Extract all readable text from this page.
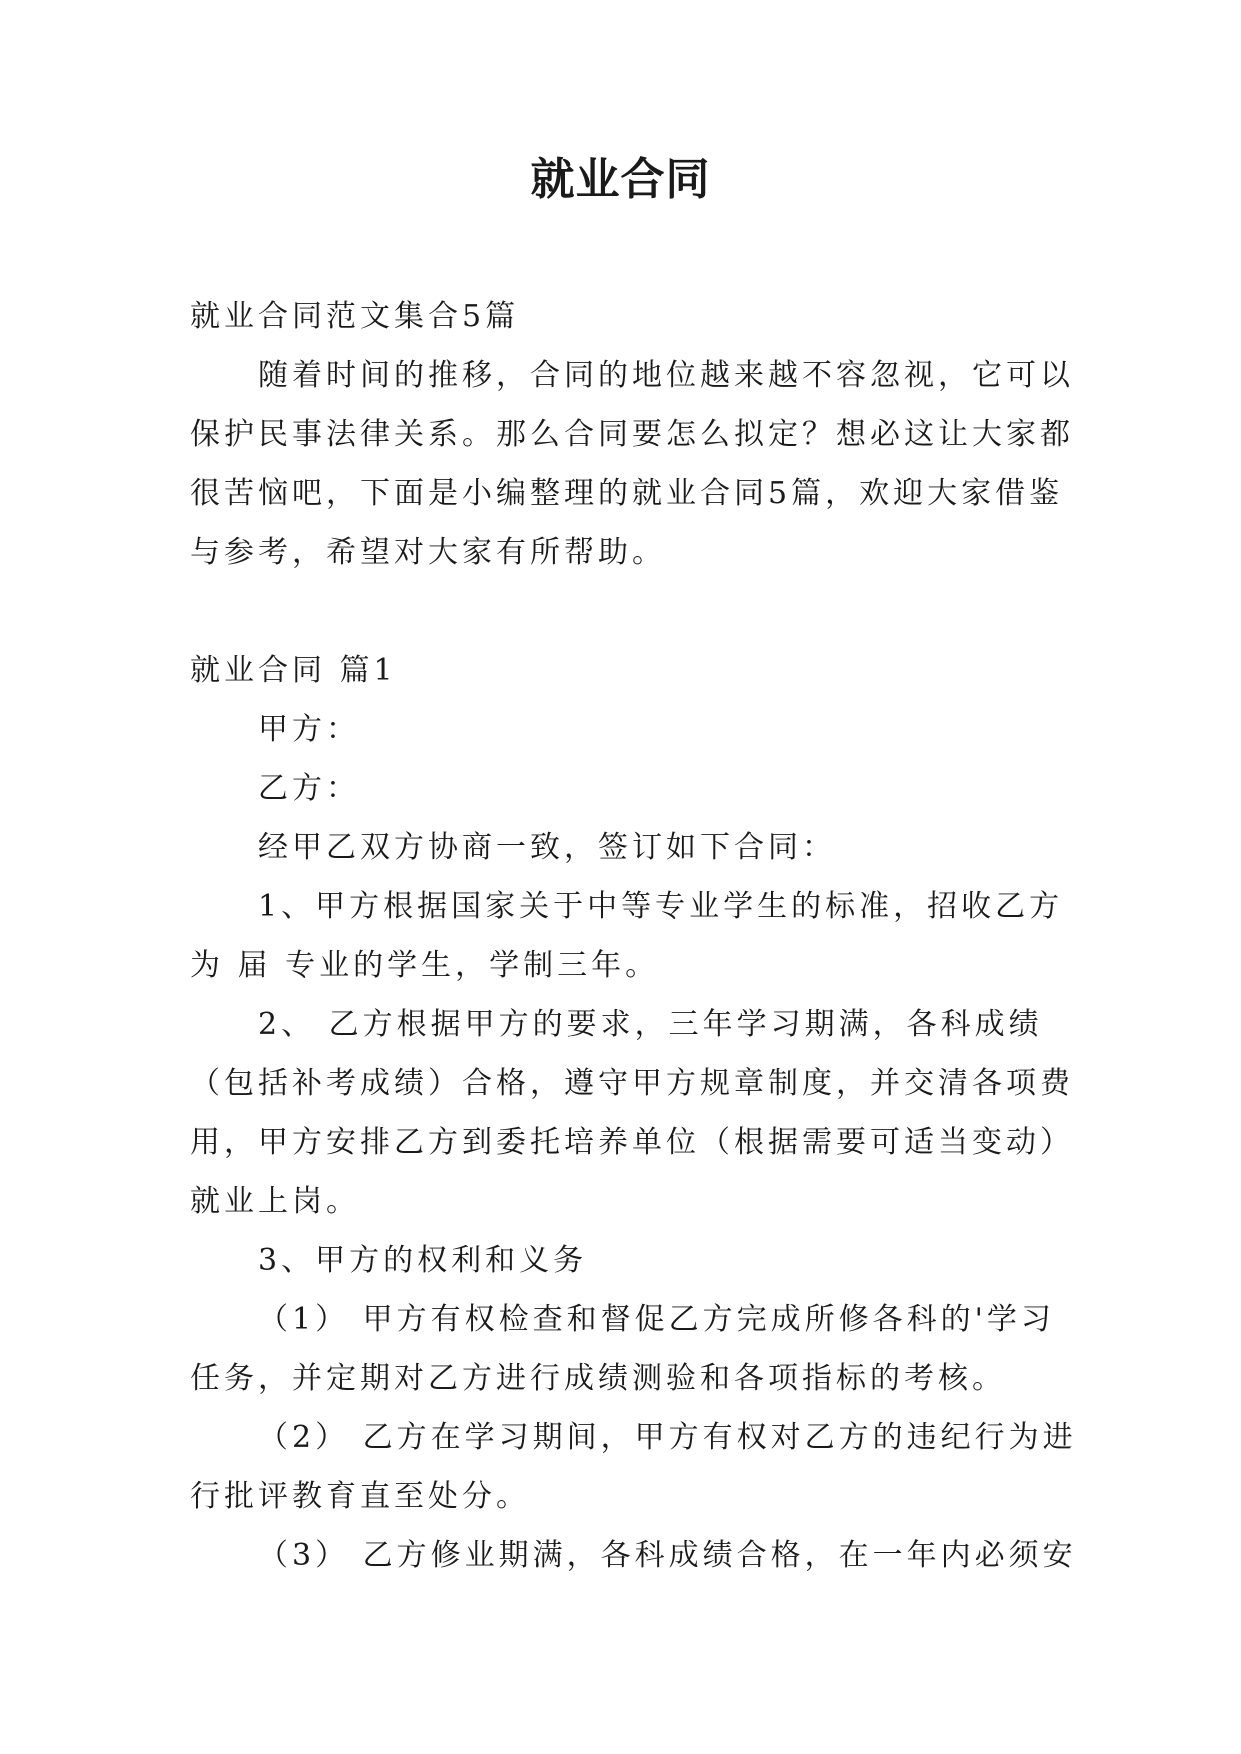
就业合同
就业合同范文集合5篇
随着时间的推移，合同的地位越来越不容忽视，它可以
保护民事法律关系。那么合同要怎么拟定？想必这让大家都
很苦恼吧，下面是小编整理的就业合同5篇，欢迎大家借鉴
与参考，希望对大家有所帮助。
就业合同 篇1
甲方：
乙方：
经甲乙双方协商一致，签订如下合同：
1、甲方根据国家关于中等专业学生的标准，招收乙方
为 届 专业的学生，学制三年。
2、 乙方根据甲方的要求，三年学习期满，各科成绩
（包括补考成绩）合格，遵守甲方规章制度，并交清各项费
用，甲方安排乙方到委托培养单位（根据需要可适当变动）
就业上岗。
3、甲方的权利和义务
（1） 甲方有权检查和督促乙方完成所修各科的'学习
任务，并定期对乙方进行成绩测验和各项指标的考核。
（2） 乙方在学习期间，甲方有权对乙方的违纪行为进
行批评教育直至处分。
（3） 乙方修业期满，各科成绩合格，在一年内必须安
